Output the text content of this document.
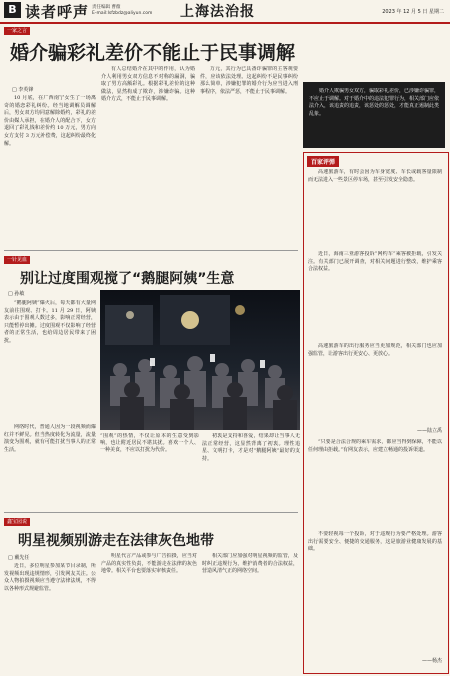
B 读者呼声 责任编辑 曹薇
E-mail:lsfzbdz@aliyun.com 上海法治报	2023 年 12 月 5 日 星期二
一家之言
婚介骗彩礼差价不能止于民事调解
□ 李英锋

10 月底，在广西南宁女生了一场离奇的婚恋彩礼纠纷。经当地调解员调解后，男女双方均同意解除婚约，彩礼的差价由媒人承担，在婚介人的配合下，女方退回了彩礼钱和差价约 10 万元，男方向女方支付 3 万元补偿费，这起纠纷最终化解。

有人总结婚介在其中的作用，认为婚介人利用男女双方信息不对称的漏洞，骗取了男方高额彩礼。根据彩礼差价的这种做法，显然构成了欺诈，涉嫌诈骗。这种婚介方式，不能止于民事调解。

万元，其行为已具备诈骗罪的主客观要件，应该依法处理。这起纠纷不是民事纠纷那么简单，涉嫌犯罪的婚介行为应当进入刑事程序，依法严惩，不能止于民事调解。	婚介人欺骗男女双方，骗取彩礼差价，已涉嫌诈骗罪，不应止于调解。对于婚介中的违法犯罪行为，相关部门应依法介入，该追责的追责，该惩处的惩处，才能真正遏制此类乱象。

一针见血
别让过度围观搅了“鹅腿阿姨”生意
□ 孙敏

“鹅腿阿姨”爆火后，每天都有大量网友前往围观、打卡。11 月 29 日，阿姨表示由于围观人数过多，影响正常经营，只能暂停出摊。过度围观不仅影响了经营者的正常生活，也给周边居民带来了困扰。

网络时代，普通人因为一段视频而爆红并不鲜见。但当热度转化为流量，流量演变为围观，就有可能打扰当事人的正常生活。

“围观”的热情，不仅让原本的生意受到影响，也让附近居民不堪其扰。喜欢一个人、一种美食，不应以打扰为代价。

初衷是支持和喜爱，结果却让当事人无法正常经营，这显然背离了初衷。理性追星、文明打卡，才是对“鹅腿阿姨”最好的支持。

百家评弹

高速旅游车，有时会因为车身宽度、车长或载客量限制而无法进入一些景区停车场，甚至引发安全隐患。

近日，海南三亚游客投诉“网约车”乘客被拒载，引发关注。有关部门已展开调查，对相关问题进行整改，维护乘客合法权益。

高速旅游车的出行服务应当更加规范，相关部门也应加强监管，让游客出行更安心、更放心。

——陆立禹

“只要是合法合规的乘车需求，都应当得到保障，不能以任何理由拒载。”有网友表示，应建立畅通的投诉渠道。

不要轻视每一个投诉，对于违规行为要严格处理。游客出行需要安全、便捷的交通服务，这是旅游业健康发展的基础。

——杨杰
鑫宝园说
明星视频别游走在法律灰色地带
□ 戴先任

近日，多位明星参加某节目录制，所发视频出现违规情形，引发网友关注。公众人物拍摄视频应当遵守法律法规，不得以各种形式规避监管。

明星代言产品或参与广告拍摄，应当对产品的真实性负责，不能游走在法律的灰色地带。相关平台也要落实审核责任。

相关部门应加强对明星视频的监管，及时纠正违规行为，维护消费者的合法权益，营造风清气正的网络空间。
